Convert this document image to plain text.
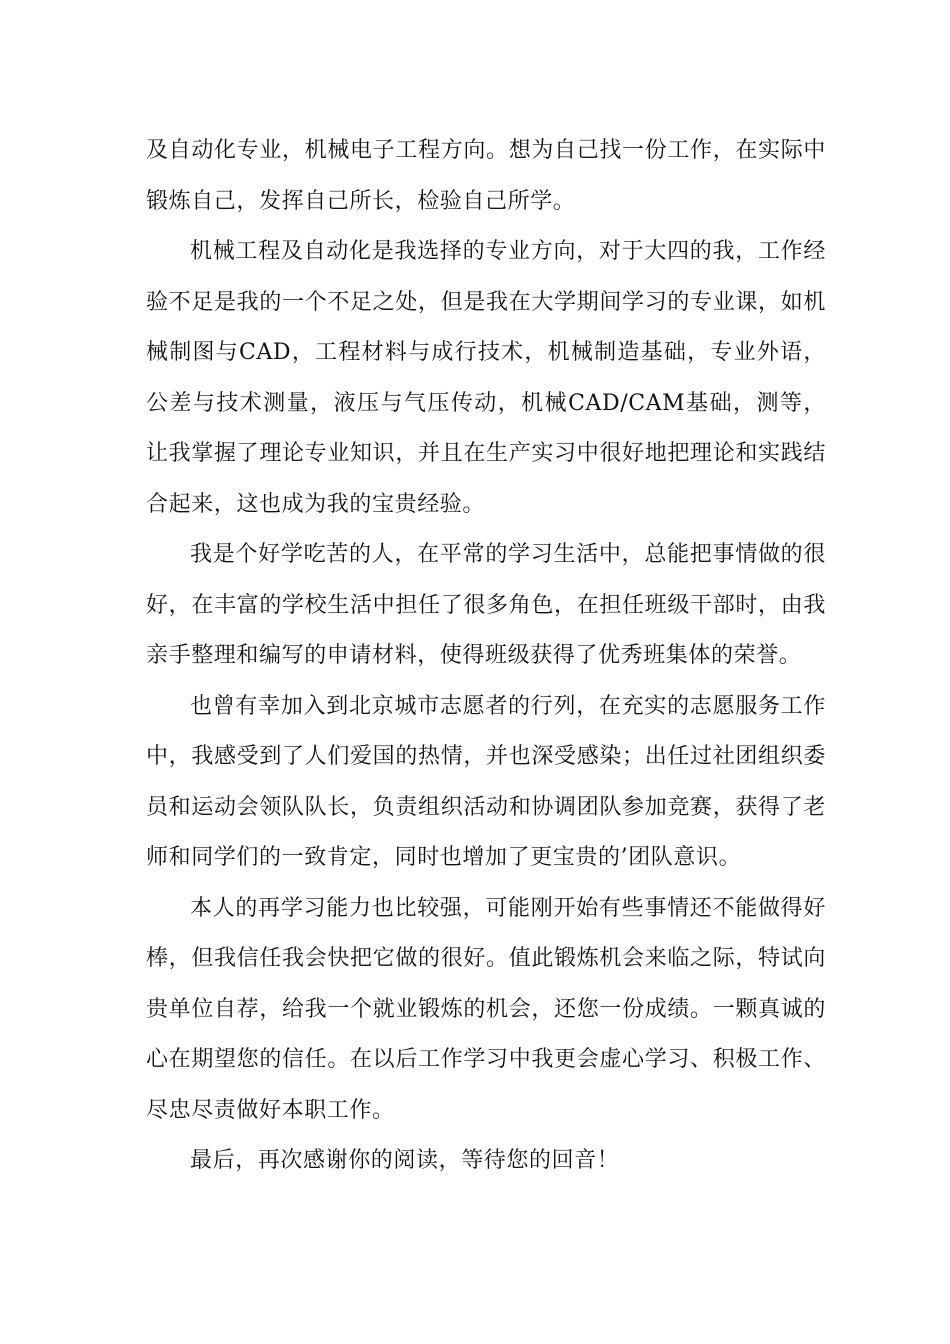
及自动化专业，机械电子工程方向。想为自己找一份工作，在实际中锻炼自己，发挥自己所长，检验自己所学。

机械工程及自动化是我选择的专业方向，对于大四的我，工作经验不足是我的一个不足之处，但是我在大学期间学习的专业课，如机械制图与CAD，工程材料与成行技术，机械制造基础，专业外语，公差与技术测量，液压与气压传动，机械CAD/CAM基础，测等，让我掌握了理论专业知识，并且在生产实习中很好地把理论和实践结合起来，这也成为我的宝贵经验。

我是个好学吃苦的人，在平常的学习生活中，总能把事情做的很好，在丰富的学校生活中担任了很多角色，在担任班级干部时，由我亲手整理和编写的申请材料，使得班级获得了优秀班集体的荣誉。

也曾有幸加入到北京城市志愿者的行列，在充实的志愿服务工作中，我感受到了人们爱国的热情，并也深受感染；出任过社团组织委员和运动会领队队长，负责组织活动和协调团队参加竞赛，获得了老师和同学们的一致肯定，同时也增加了更宝贵的’团队意识。

本人的再学习能力也比较强，可能刚开始有些事情还不能做得好棒，但我信任我会快把它做的很好。值此锻炼机会来临之际，特试向贵单位自荐，给我一个就业锻炼的机会，还您一份成绩。一颗真诚的心在期望您的信任。在以后工作学习中我更会虚心学习、积极工作、尽忠尽责做好本职工作。

最后，再次感谢你的阅读，等待您的回音！
